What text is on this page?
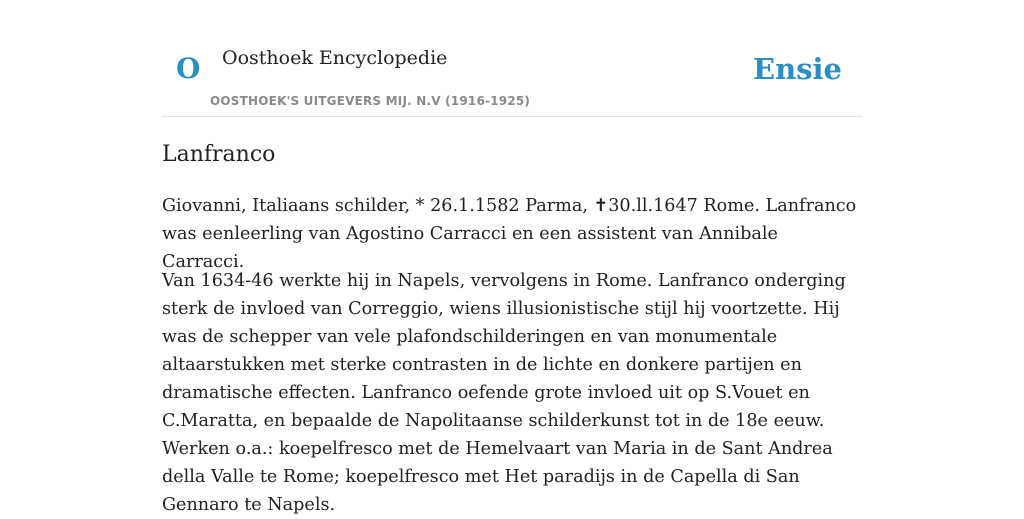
O Oosthoek Encyclopedie
OOSTHOEK'S UITGEVERS MIJ. N.V (1916-1925)
Ensie
Lanfranco

Giovanni, Italiaans schilder, * 26.1.1582 Parma, ✝30.ll.1647 Rome. Lanfranco was eenleerling van Agostino Carracci en een assistent van Annibale Carracci.

Van 1634-46 werkte hij in Napels, vervolgens in Rome. Lanfranco onderging sterk de invloed van Correggio, wiens illusionistische stijl hij voortzette. Hij was de schepper van vele plafondschilderingen en van monumentale altaarstukken met sterke contrasten in de lichte en donkere partijen en dramatische effecten. Lanfranco oefende grote invloed uit op S.Vouet en C.Maratta, en bepaalde de Napolitaanse schilderkunst tot in de 18e eeuw. Werken o.a.: koepelfresco met de Hemelvaart van Maria in de Sant Andrea della Valle te Rome; koepelfresco met Het paradijs in de Capella di San Gennaro te Napels.
